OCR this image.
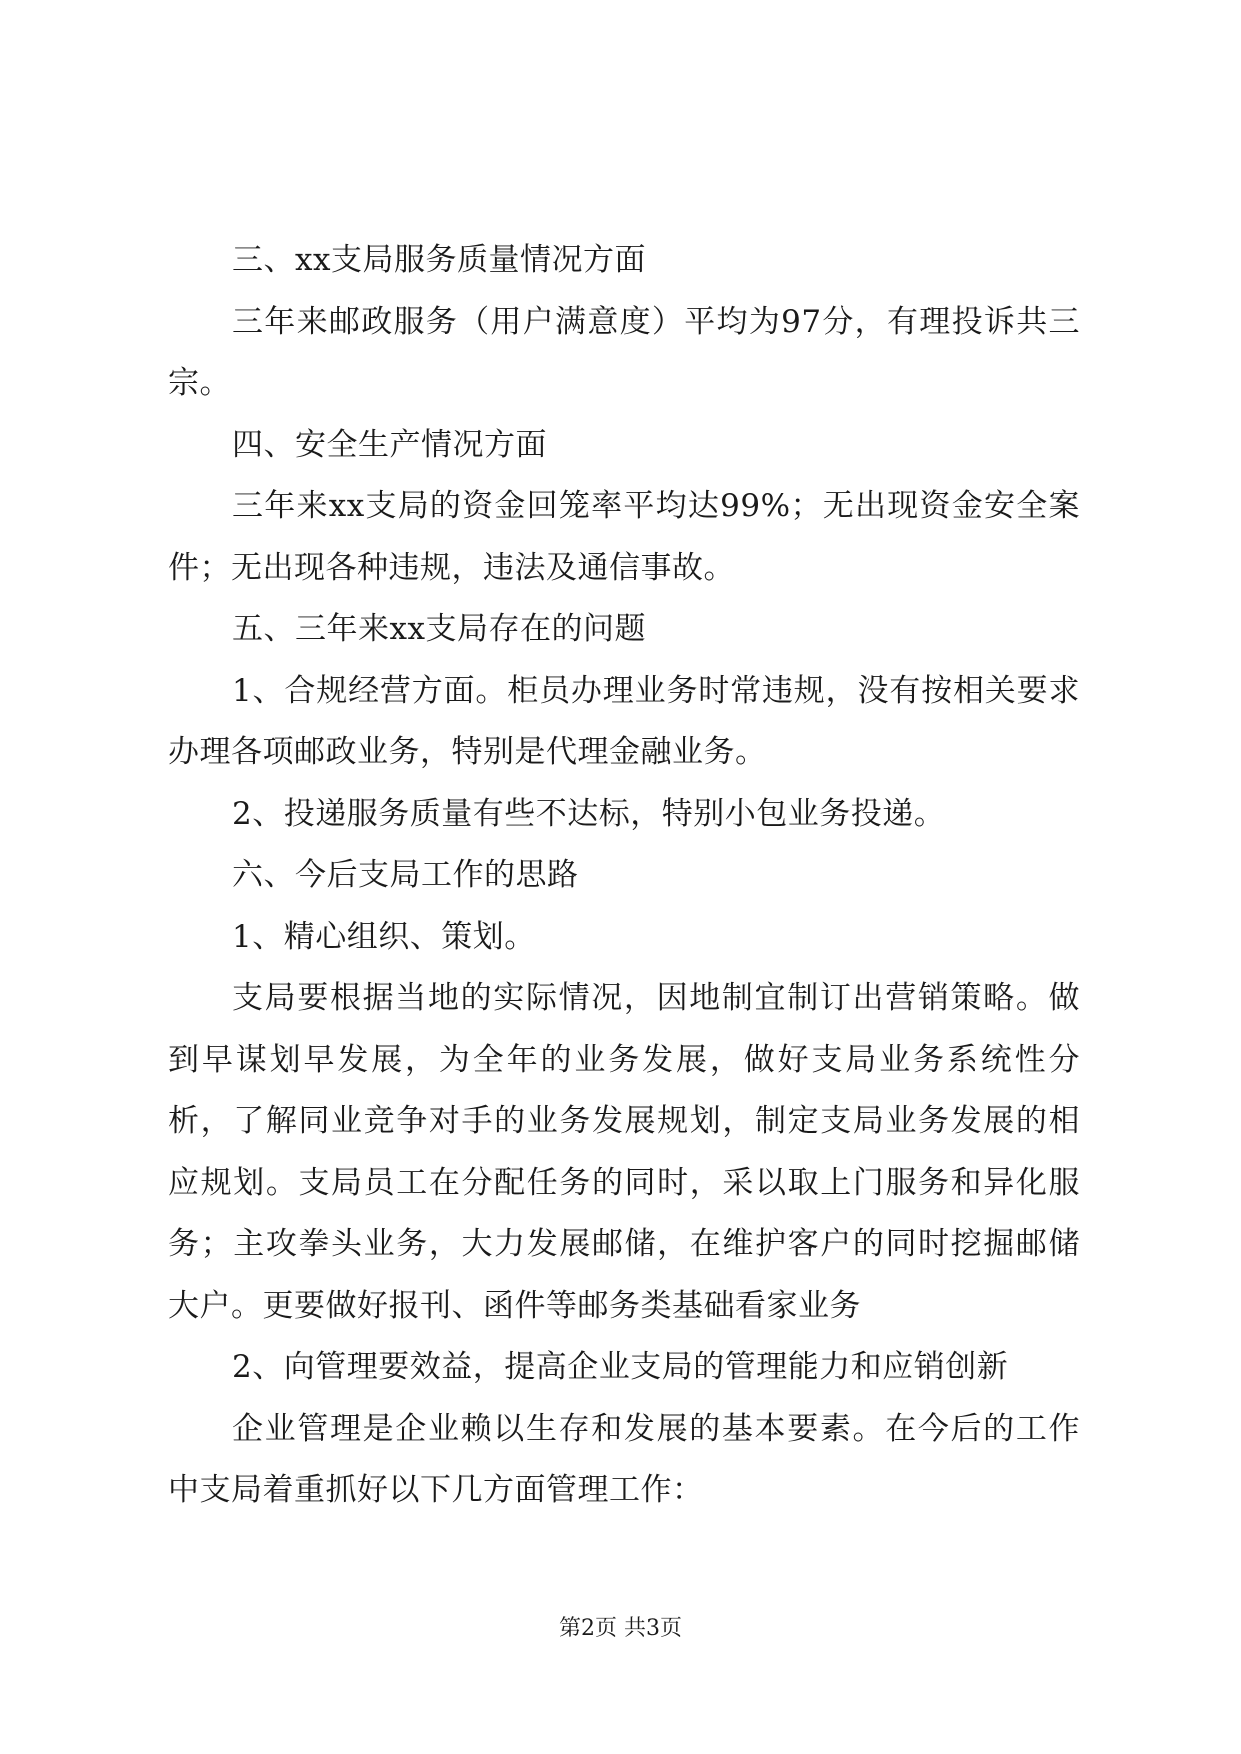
三、xx支局服务质量情况方面

三年来邮政服务（用户满意度）平均为97分，有理投诉共三宗。

四、安全生产情况方面

三年来xx支局的资金回笼率平均达99%；无出现资金安全案件；无出现各种违规，违法及通信事故。

五、三年来xx支局存在的问题

1、合规经营方面。柜员办理业务时常违规，没有按相关要求办理各项邮政业务，特别是代理金融业务。

2、投递服务质量有些不达标，特别小包业务投递。

六、今后支局工作的思路

1、精心组织、策划。

支局要根据当地的实际情况，因地制宜制订出营销策略。做到早谋划早发展，为全年的业务发展，做好支局业务系统性分析，了解同业竞争对手的业务发展规划，制定支局业务发展的相应规划。支局员工在分配任务的同时，采以取上门服务和异化服务；主攻拳头业务，大力发展邮储，在维护客户的同时挖掘邮储大户。更要做好报刊、函件等邮务类基础看家业务

2、向管理要效益，提高企业支局的管理能力和应销创新

企业管理是企业赖以生存和发展的基本要素。在今后的工作中支局着重抓好以下几方面管理工作：

第2页 共3页
